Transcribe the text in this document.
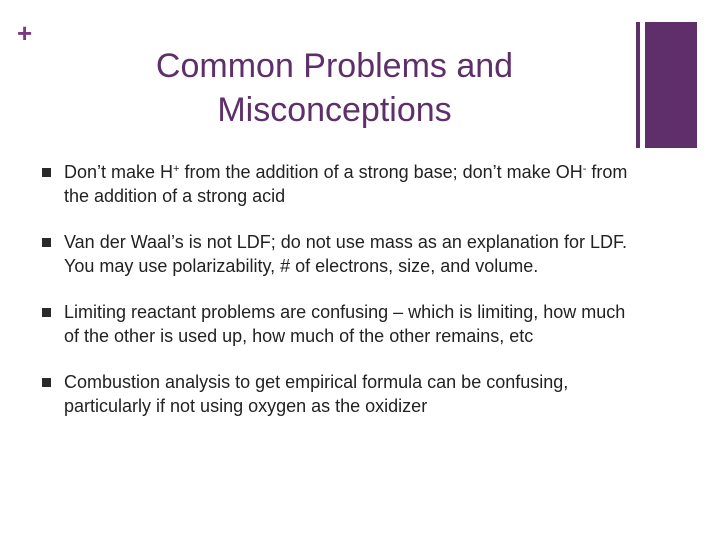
+
Common Problems and
Misconceptions
Don’t make H+ from the addition of a strong base; don’t make OH- from the addition of a strong acid
Van der Waal’s is not LDF; do not use mass as an explanation for LDF. You may use polarizability, # of electrons, size, and volume.
Limiting reactant problems are confusing – which is limiting, how much of the other is used up, how much of the other remains, etc
Combustion analysis to get empirical formula can be confusing, particularly if not using oxygen as the oxidizer
